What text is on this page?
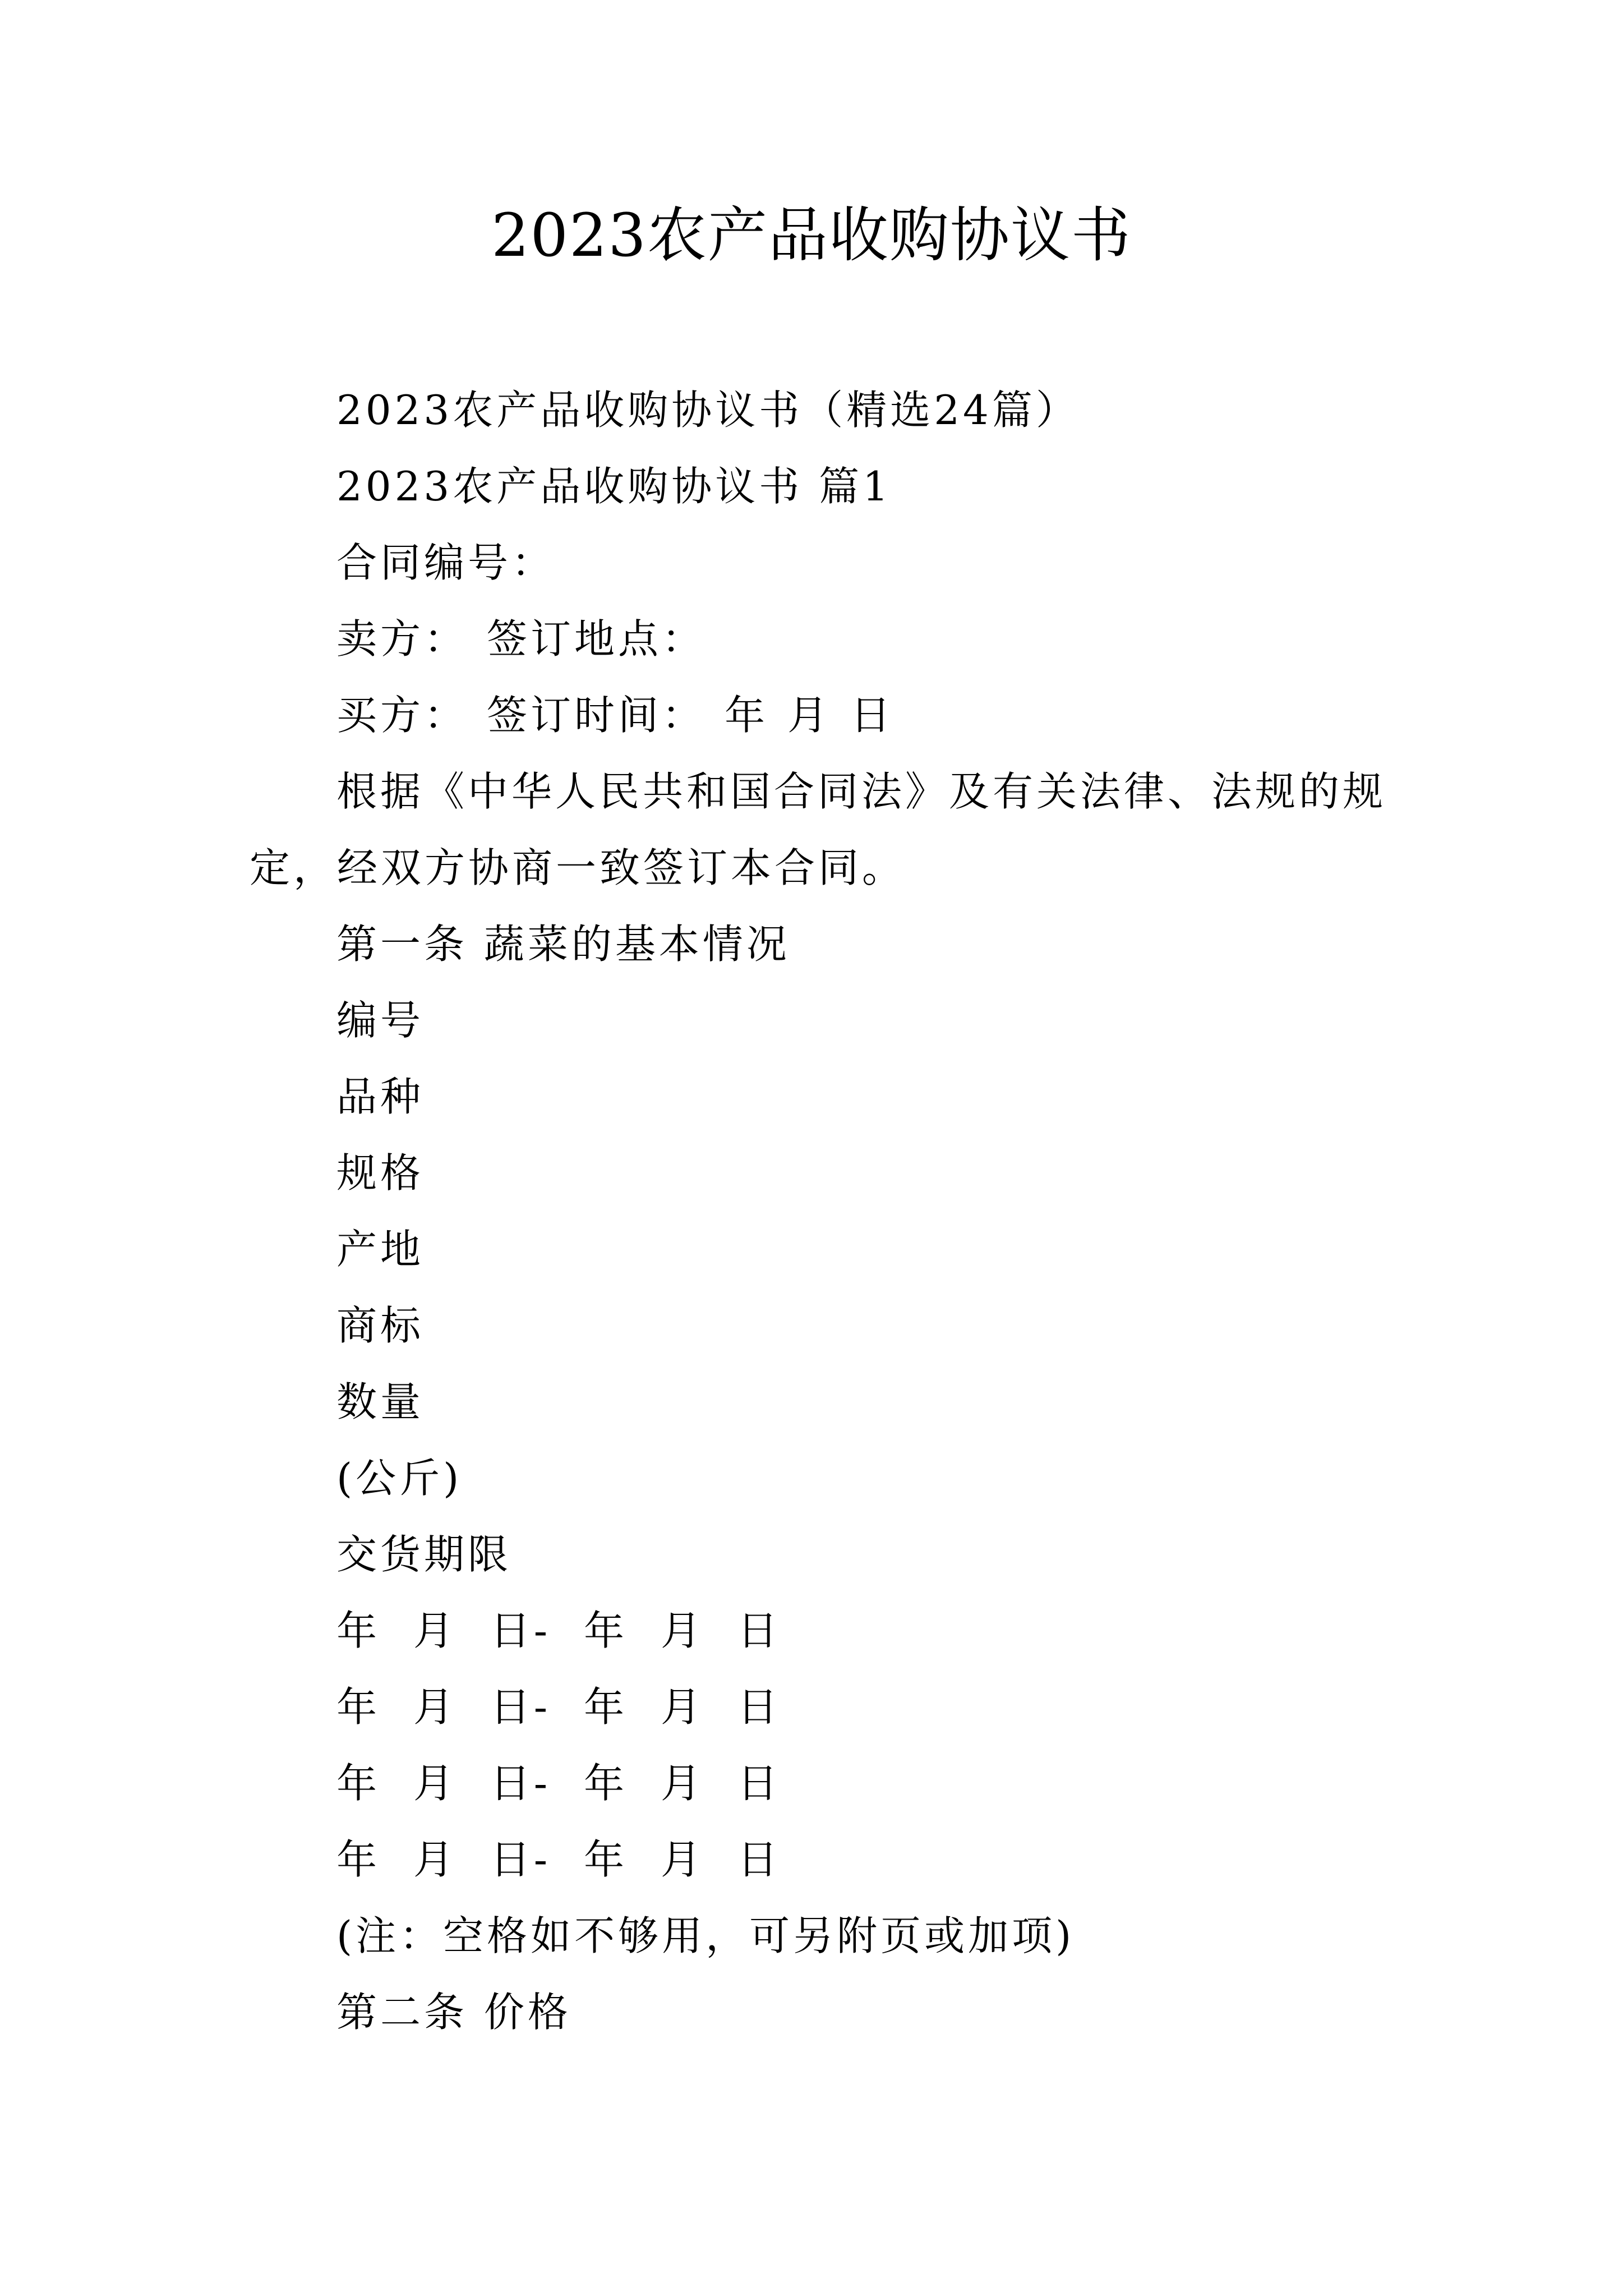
2023农产品收购协议书
2023农产品收购协议书（精选24篇）
2023农产品收购协议书 篇1
合同编号：
卖方： 签订地点：
买方： 签订时间： 年 月 日
根据《中华人民共和国合同法》及有关法律、法规的规
定，经双方协商一致签订本合同。
第一条 蔬菜的基本情况
编号
品种
规格
产地
商标
数量
(公斤)
交货期限
年 月 日- 年 月 日
年 月 日- 年 月 日
年 月 日- 年 月 日
年 月 日- 年 月 日
(注：空格如不够用，可另附页或加项)
第二条 价格
